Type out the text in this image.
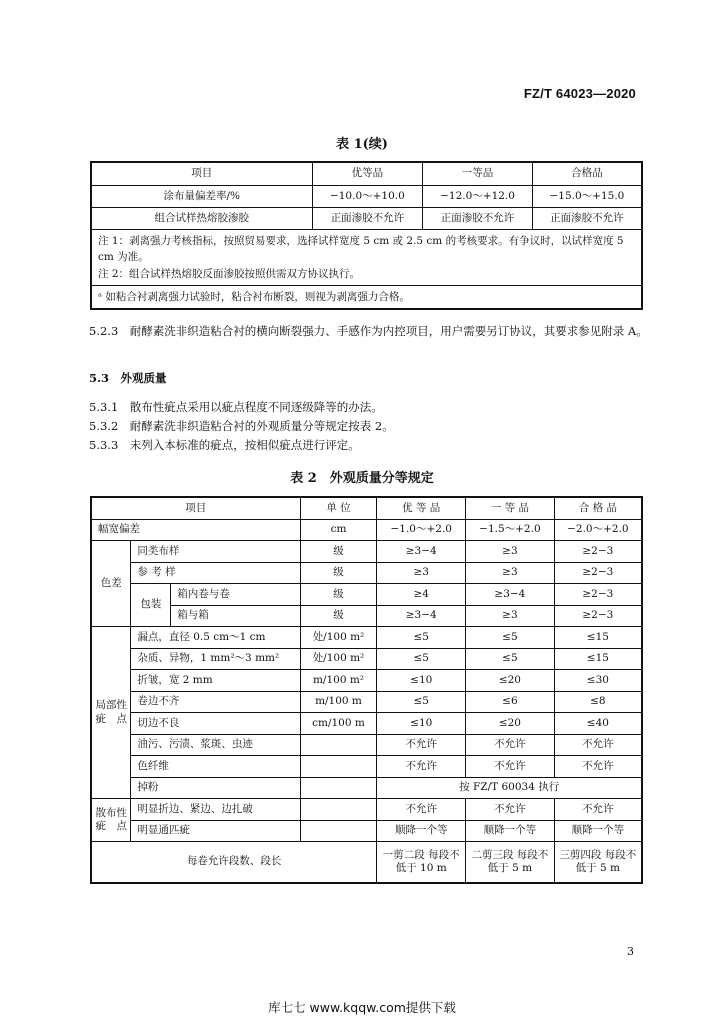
FZ/T 64023—2020
表 1(续)
项目	优等品	一等品	合格品
涂布量偏差率/%	−10.0～+10.0	−12.0～+12.0	−15.0～+15.0
组合试样热熔胶渗胶	正面渗胶不允许	正面渗胶不允许	正面渗胶不允许

注 1：剥离强力考核指标，按照贸易要求，选择试样宽度 5 cm 或 2.5 cm 的考核要求。有争议时，以试样宽度 5 cm 为准。
注 2：组合试样热熔胶反面渗胶按照供需双方协议执行。			

ᵃ 如粘合衬剥离强力试验时，粘合衬布断裂，则视为剥离强力合格。			
5.2.3　耐酵素洗非织造粘合衬的横向断裂强力、手感作为内控项目，用户需要另订协议，其要求参见附录 A。
5.3　外观质量
5.3.1　散布性疵点采用以疵点程度不同逐级降等的办法。
5.3.2　耐酵素洗非织造粘合衬的外观质量分等规定按表 2。
5.3.3　未列入本标准的疵点，按相似疵点进行评定。
表 2　外观质量分等规定
项目			单 位	优 等 品	一 等 品	合 格 品
幅宽偏差			cm	−1.0～+2.0	−1.5～+2.0	−2.0～+2.0
色差	同类布样		级	≥3−4	≥3	≥2−3
	参 考 样		级	≥3	≥3	≥2−3
	包装	箱内卷与卷	级	≥4	≥3−4	≥2−3
		箱与箱	级	≥3−4	≥3	≥2−3
局部性疵　点	漏点，直径 0.5 cm～1 cm		处/100 m²	≤5	≤5	≤15
	杂质、异物，1 mm²～3 mm²		处/100 m²	≤5	≤5	≤15
	折皱，宽 2 mm		m/100 m²	≤10	≤20	≤30
	卷边不齐		m/100 m	≤5	≤6	≤8
	切边不良		cm/100 m	≤10	≤20	≤40
	油污、污渍、浆斑、虫迹			不允许	不允许	不允许
	色纤维			不允许	不允许	不允许
	掉粉			按 FZ/T 60034 执行		
散布性疵　点	明显折边、紧边、边扎破			不允许	不允许	不允许
	明显通匹疵			顺降一个等	顺降一个等	顺降一个等
每卷允许段数、段长				一剪二段 每段不低于 10 m	二剪三段 每段不低于 5 m	三剪四段 每段不低于 5 m
3
库七七 www.kqqw.com提供下载
